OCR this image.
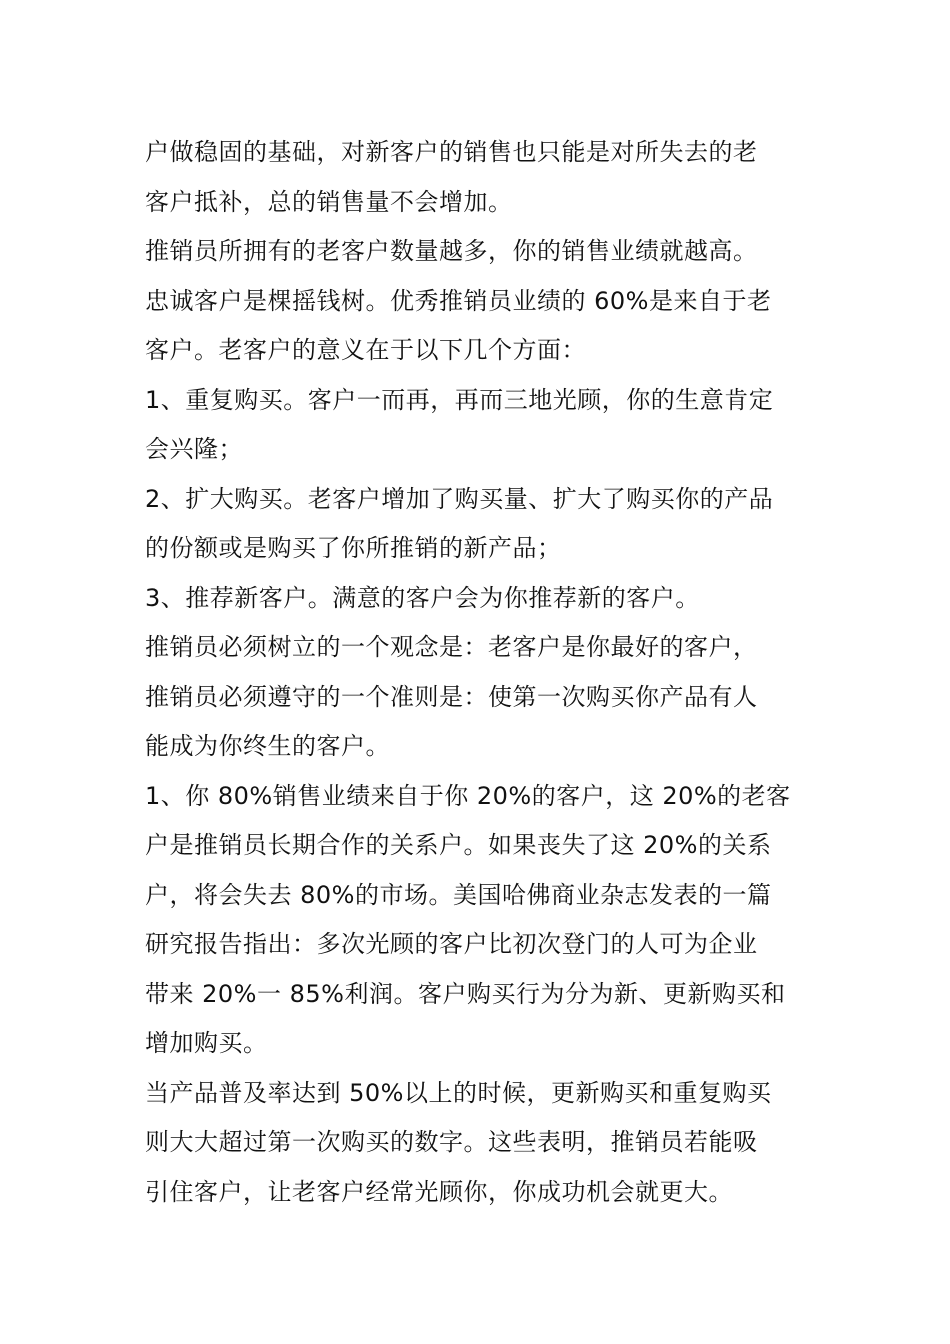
户做稳固的基础，对新客户的销售也只能是对所失去的老
客户抵补，总的销售量不会增加。
推销员所拥有的老客户数量越多，你的销售业绩就越高。
忠诚客户是棵摇钱树。优秀推销员业绩的 60%是来自于老
客户。老客户的意义在于以下几个方面：
1、重复购买。客户一而再，再而三地光顾，你的生意肯定
会兴隆；
2、扩大购买。老客户增加了购买量、扩大了购买你的产品
的份额或是购买了你所推销的新产品；
3、推荐新客户。满意的客户会为你推荐新的客户。
推销员必须树立的一个观念是：老客户是你最好的客户，
推销员必须遵守的一个准则是：使第一次购买你产品有人
能成为你终生的客户。
1、你 80%销售业绩来自于你 20%的客户，这 20%的老客
户是推销员长期合作的关系户。如果丧失了这 20%的关系
户，将会失去 80%的市场。美国哈佛商业杂志发表的一篇
研究报告指出：多次光顾的客户比初次登门的人可为企业
带来 20%一 85%利润。客户购买行为分为新、更新购买和
增加购买。
当产品普及率达到 50%以上的时候，更新购买和重复购买
则大大超过第一次购买的数字。这些表明，推销员若能吸
引住客户，让老客户经常光顾你，你成功机会就更大。
